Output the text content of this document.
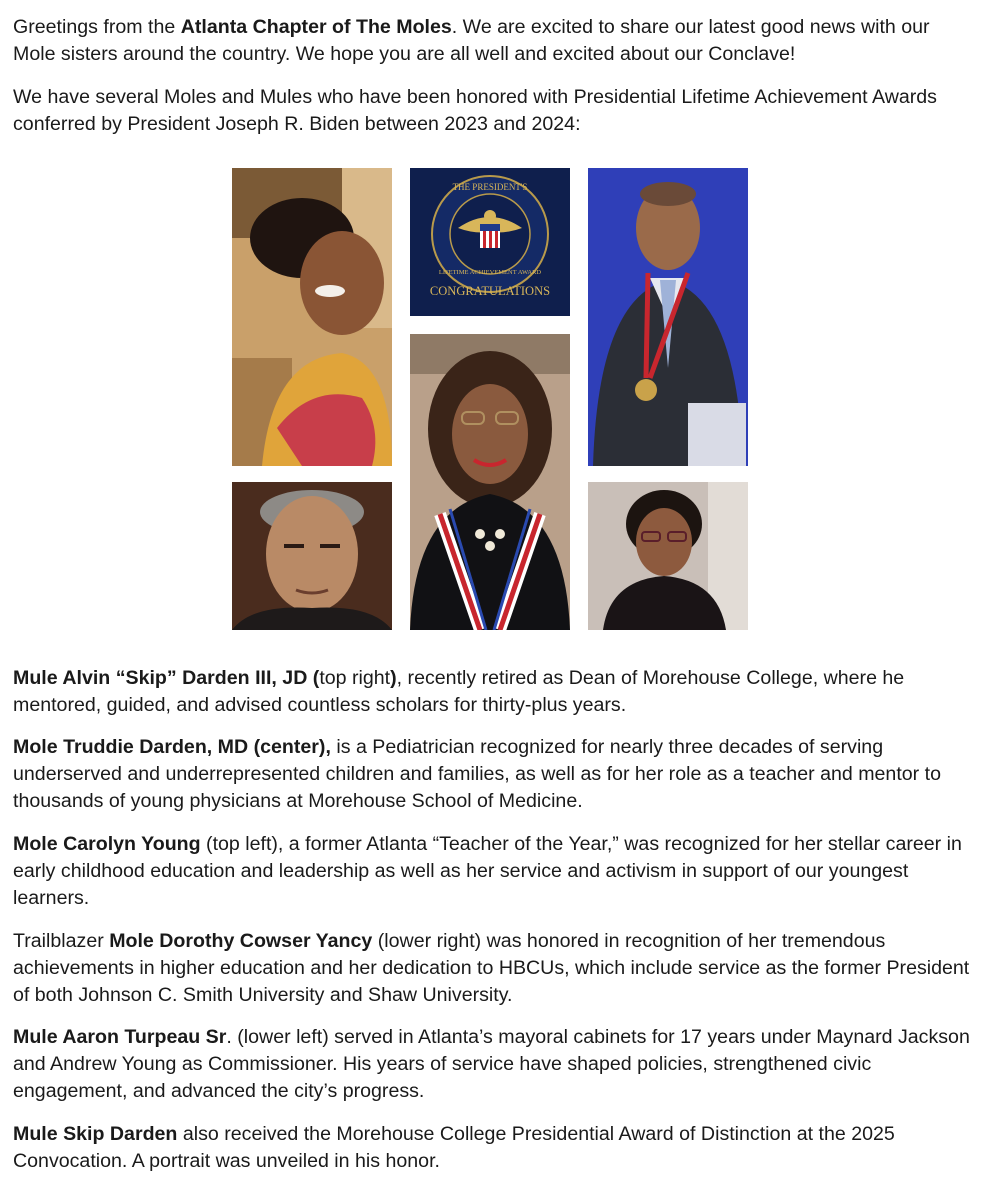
Greetings from the Atlanta Chapter of The Moles. We are excited to share our latest good news with our Mole sisters around the country. We hope you are all well and excited about our Conclave!

We have several Moles and Mules who have been honored with Presidential Lifetime Achievement Awards conferred by President Joseph R. Biden between 2023 and 2024:

THE PRESIDENT'S
LIFETIME ACHIEVEMENT AWARD
CONGRATULATIONS

Mule Alvin “Skip” Darden III, JD (top right), recently retired as Dean of Morehouse College, where he mentored, guided, and advised countless scholars for thirty-plus years.

Mole Truddie Darden, MD (center), is a Pediatrician recognized for nearly three decades of serving underserved and underrepresented children and families, as well as for her role as a teacher and mentor to thousands of young physicians at Morehouse School of Medicine.

Mole Carolyn Young (top left), a former Atlanta “Teacher of the Year,” was recognized for her stellar career in early childhood education and leadership as well as her service and activism in support of our youngest learners.

Trailblazer Mole Dorothy Cowser Yancy (lower right) was honored in recognition of her tremendous achievements in higher education and her dedication to HBCUs, which include service as the former President of both Johnson C. Smith University and Shaw University.

Mule Aaron Turpeau Sr. (lower left) served in Atlanta’s mayoral cabinets for 17 years under Maynard Jackson and Andrew Young as Commissioner. His years of service have shaped policies, strengthened civic engagement, and advanced the city’s progress.

Mule Skip Darden also received the Morehouse College Presidential Award of Distinction at the 2025 Convocation. A portrait was unveiled in his honor.
